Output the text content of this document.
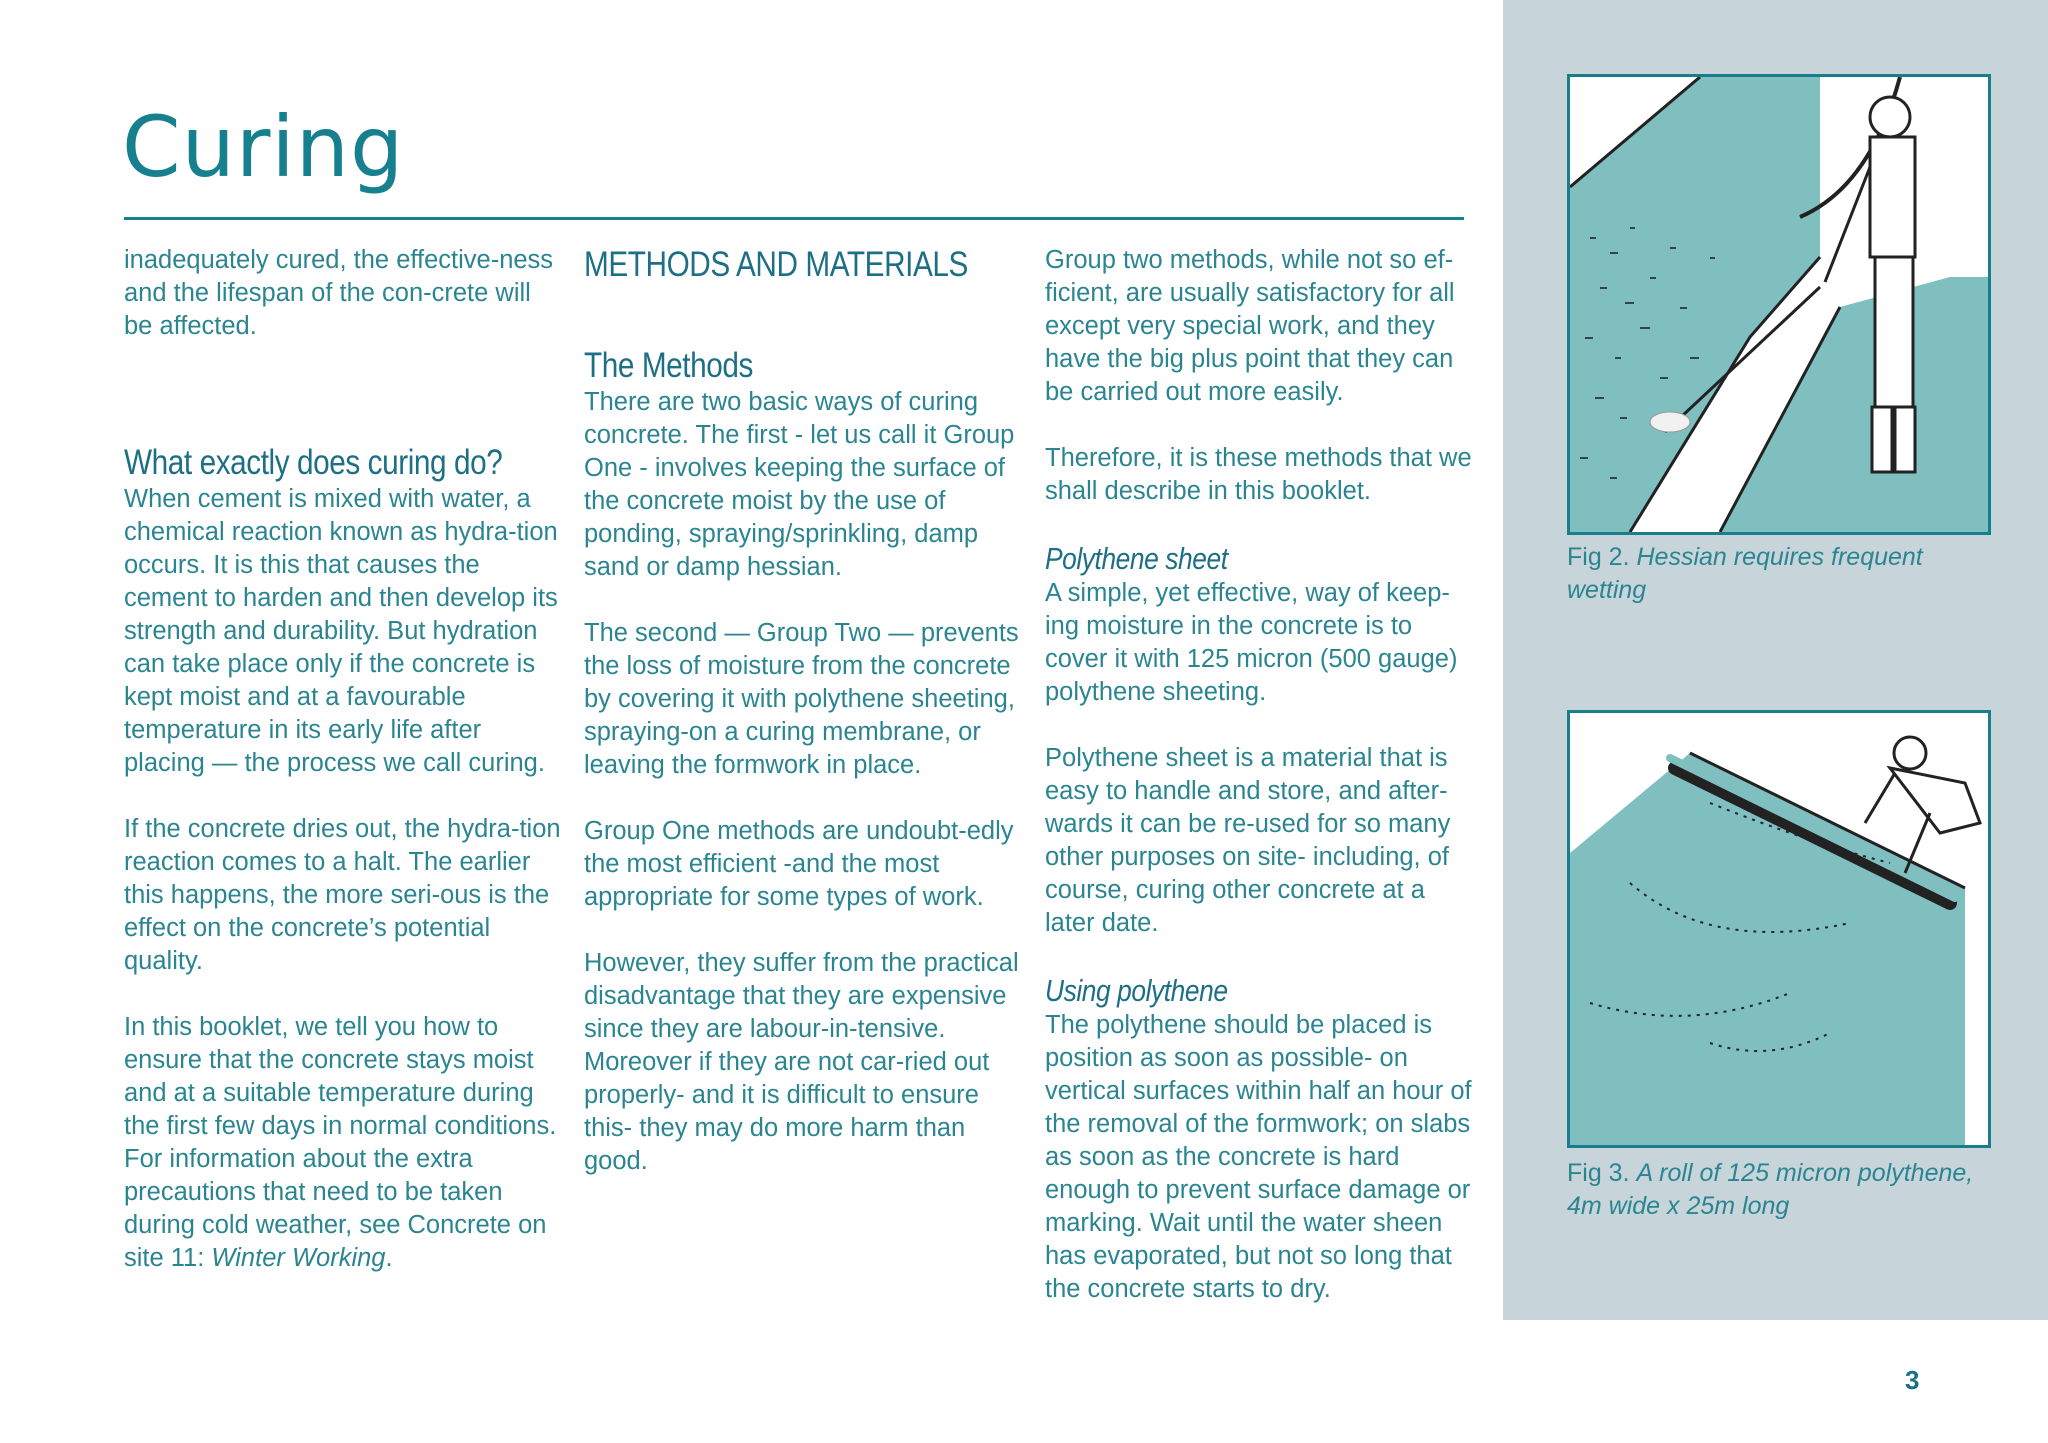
Curing

inadequately cured, the effective-ness and the lifespan of the con-crete will be affected.

What exactly does curing do?

When cement is mixed with water, a chemical reaction known as hydra-tion occurs. It is this that causes the cement to harden and then develop its strength and durability. But hydration can take place only if the concrete is kept moist and at a favourable temperature in its early life after placing — the process we call curing.

If the concrete dries out, the hydra-tion reaction comes to a halt. The earlier this happens, the more seri-ous is the effect on the concrete’s potential quality.

In this booklet, we tell you how to ensure that the concrete stays moist and at a suitable temperature during the first few days in normal conditions. For information about the extra precautions that need to be taken during cold weather, see Concrete on site 11: Winter Working.

METHODS AND MATERIALS
The Methods

There are two basic ways of curing concrete. The first - let us call it Group One - involves keeping the surface of the concrete moist by the use of ponding, spraying/sprinkling, damp sand or damp hessian.

The second — Group Two — prevents the loss of moisture from the concrete by covering it with polythene sheeting, spraying-on a curing membrane, or leaving the formwork in place.

Group One methods are undoubt-edly the most efficient -and the most appropriate for some types of work.

However, they suffer from the practical disadvantage that they are expensive since they are labour-in-tensive. Moreover if they are not car-ried out properly- and it is difficult to ensure this- they may do more harm than good.

Group two methods, while not so ef-ficient, are usually satisfactory for all except very special work, and they have the big plus point that they can be carried out more easily.

Therefore, it is these methods that we shall describe in this booklet.

Polythene sheet

A simple, yet effective, way of keep-ing moisture in the concrete is to cover it with 125 micron (500 gauge) polythene sheeting.

Polythene sheet is a material that is easy to handle and store, and after-wards it can be re-used for so many other purposes on site- including, of course, curing other concrete at a later date.

Using polythene

The polythene should be placed is position as soon as possible- on vertical surfaces within half an hour of the removal of the formwork; on slabs as soon as the concrete is hard enough to prevent surface damage or marking. Wait until the water sheen has evaporated, but not so long that the concrete starts to dry.

Fig 2. Hessian requires frequent wetting
Fig 3. A roll of 125 micron polythene, 4m wide x 25m long
3
